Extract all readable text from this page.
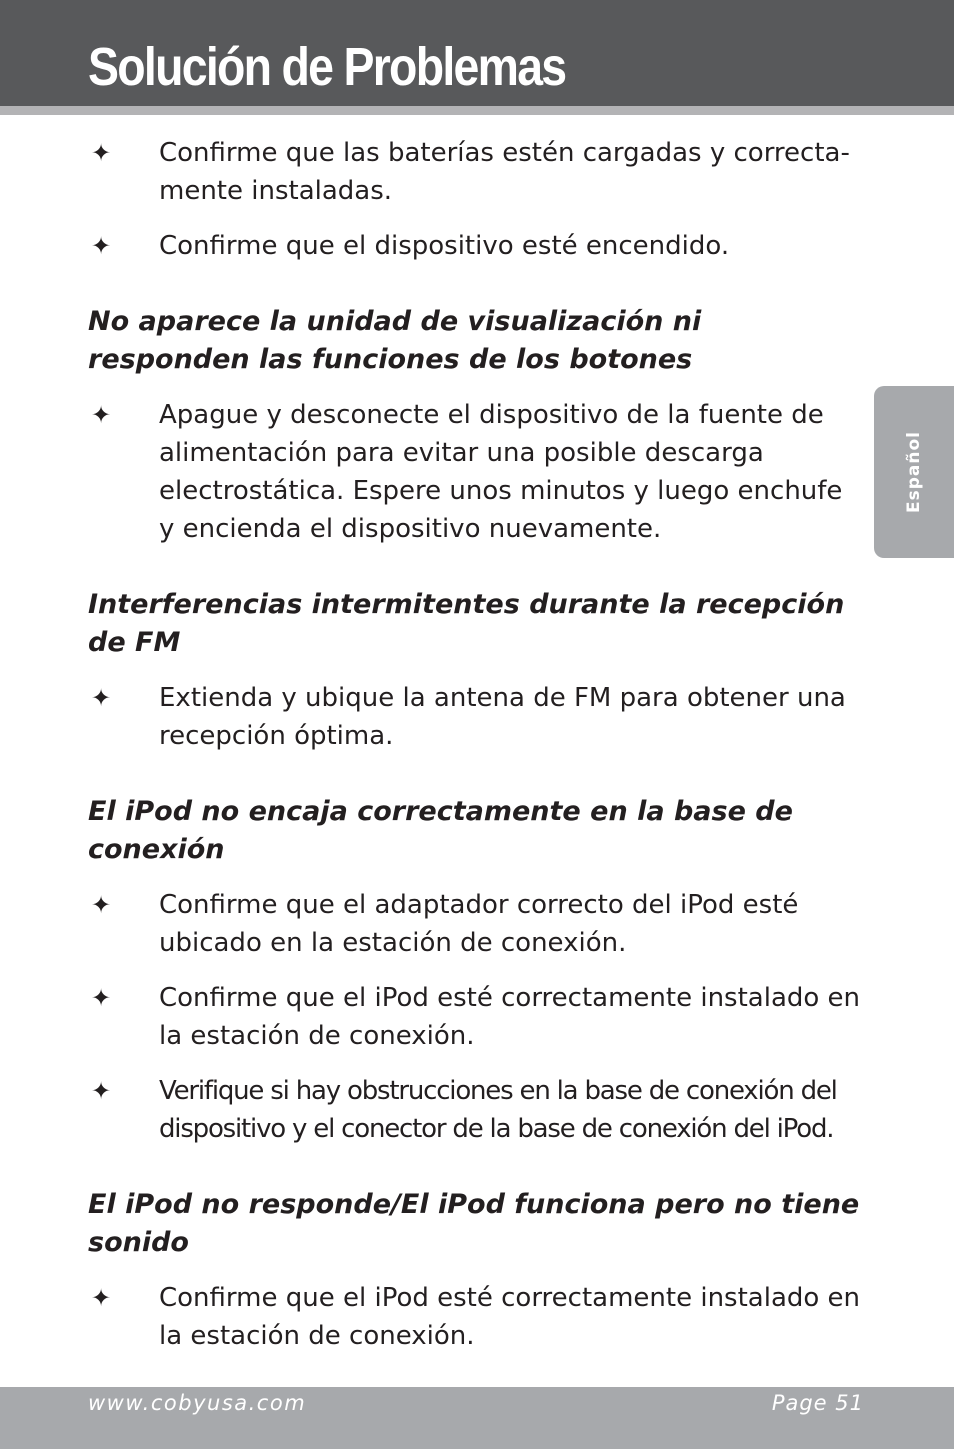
Solución de Problemas
Español
✦ Confirme que las baterías estén cargadas y correcta- mente instaladas.
✦ Confirme que el dispositivo esté encendido.
No aparece la unidad de visualización ni responden las funciones de los botones
✦ Apague y desconecte el dispositivo de la fuente de alimentación para evitar una posible descarga electrostática. Espere unos minutos y luego enchufe y encienda el dispositivo nuevamente.
Interferencias intermitentes durante la recepción de FM
✦ Extienda y ubique la antena de FM para obtener una recepción óptima.
El iPod no encaja correctamente en la base de conexión
✦ Confirme que el adaptador correcto del iPod esté ubicado en la estación de conexión.
✦ Confirme que el iPod esté correctamente instalado en la estación de conexión.
✦ Verifique si hay obstrucciones en la base de conexión del dispositivo y el conector de la base de conexión del iPod.
El iPod no responde/El iPod funciona pero no tiene sonido
✦ Confirme que el iPod esté correctamente instalado en la estación de conexión.
www.cobyusa.com	Page 51
